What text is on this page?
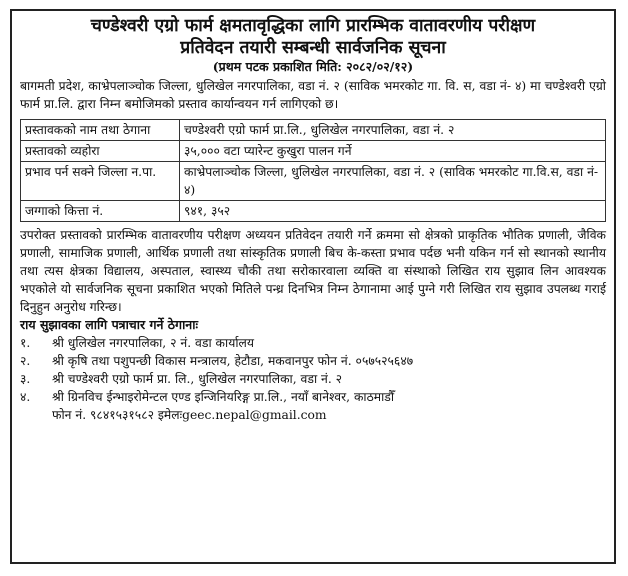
चण्डेश्वरी एग्रो फार्म क्षमतावृद्धिका लागि प्रारम्भिक वातावरणीय परीक्षण

प्रतिवेदन तयारी सम्बन्धी सार्वजनिक सूचना

(प्रथम पटक प्रकाशित मिति: २०८२/०२/१२)

बागमती प्रदेश, काभ्रेपलाञ्चोक जिल्ला, धुलिखेल नगरपालिका, वडा नं. २ (साविक भमरकोट गा. वि. स, वडा नं- ४) मा चण्डेश्वरी एग्रो फार्म प्रा.लि. द्वारा निम्न बमोजिमको प्रस्ताव कार्यान्वयन गर्न लागिएको छ।

प्रस्तावकको नाम तथा ठेगाना	चण्डेश्वरी एग्रो फार्म प्रा.लि., धुलिखेल नगरपालिका, वडा नं. २
प्रस्तावको व्यहोरा	३५,००० वटा प्यारेन्ट कुखुरा पालन गर्ने
प्रभाव पर्न सक्ने जिल्ला न.पा.	काभ्रेपलाञ्चोक जिल्ला, धुलिखेल नगरपालिका, वडा नं. २ (साविक भमरकोट गा.वि.स, वडा नं- ४)
जग्गाको कित्ता नं.	९४१, ३५२

उपरोक्त प्रस्तावको प्रारम्भिक वातावरणीय परीक्षण अध्ययन प्रतिवेदन तयारी गर्ने क्रममा सो क्षेत्रको प्राकृतिक भौतिक प्रणाली, जैविक प्रणाली, सामाजिक प्रणाली, आर्थिक प्रणाली तथा सांस्कृतिक प्रणाली बिच के-कस्ता प्रभाव पर्दछ भनी यकिन गर्न सो स्थानको स्थानीय तथा त्यस क्षेत्रका विद्यालय, अस्पताल, स्वास्थ्य चौकी तथा सरोकारवाला व्यक्ति वा संस्थाको लिखित राय सुझाव लिन आवश्यक भएकोले यो सार्वजनिक सूचना प्रकाशित भएको मितिले पन्ध्र दिनभित्र निम्न ठेगानामा आई पुग्ने गरी लिखित राय सुझाव उपलब्ध गराई दिनुहुन अनुरोध गरिन्छ।

राय सुझावका लागि पत्राचार गर्ने ठेगानाः

१.	श्री धुलिखेल नगरपालिका, २ नं. वडा कार्यालय
२.	श्री कृषि तथा पशुपन्छी विकास मन्त्रालय, हेटौडा, मकवानपुर फोन नं. ०५७५२५६४७
३.	श्री चण्डेश्वरी एग्रो फार्म प्रा. लि., धुलिखेल नगरपालिका, वडा नं. २
४.	श्री ग्रिनविच ईन्भाइरोमेन्टल एण्ड इन्जिनियरिङ्ग प्रा.लि., नयाँ बानेश्वर, काठमाडौँ
फोन नं. ९८४१५३१५८२ इमेलःgeec.nepal@gmail.com
